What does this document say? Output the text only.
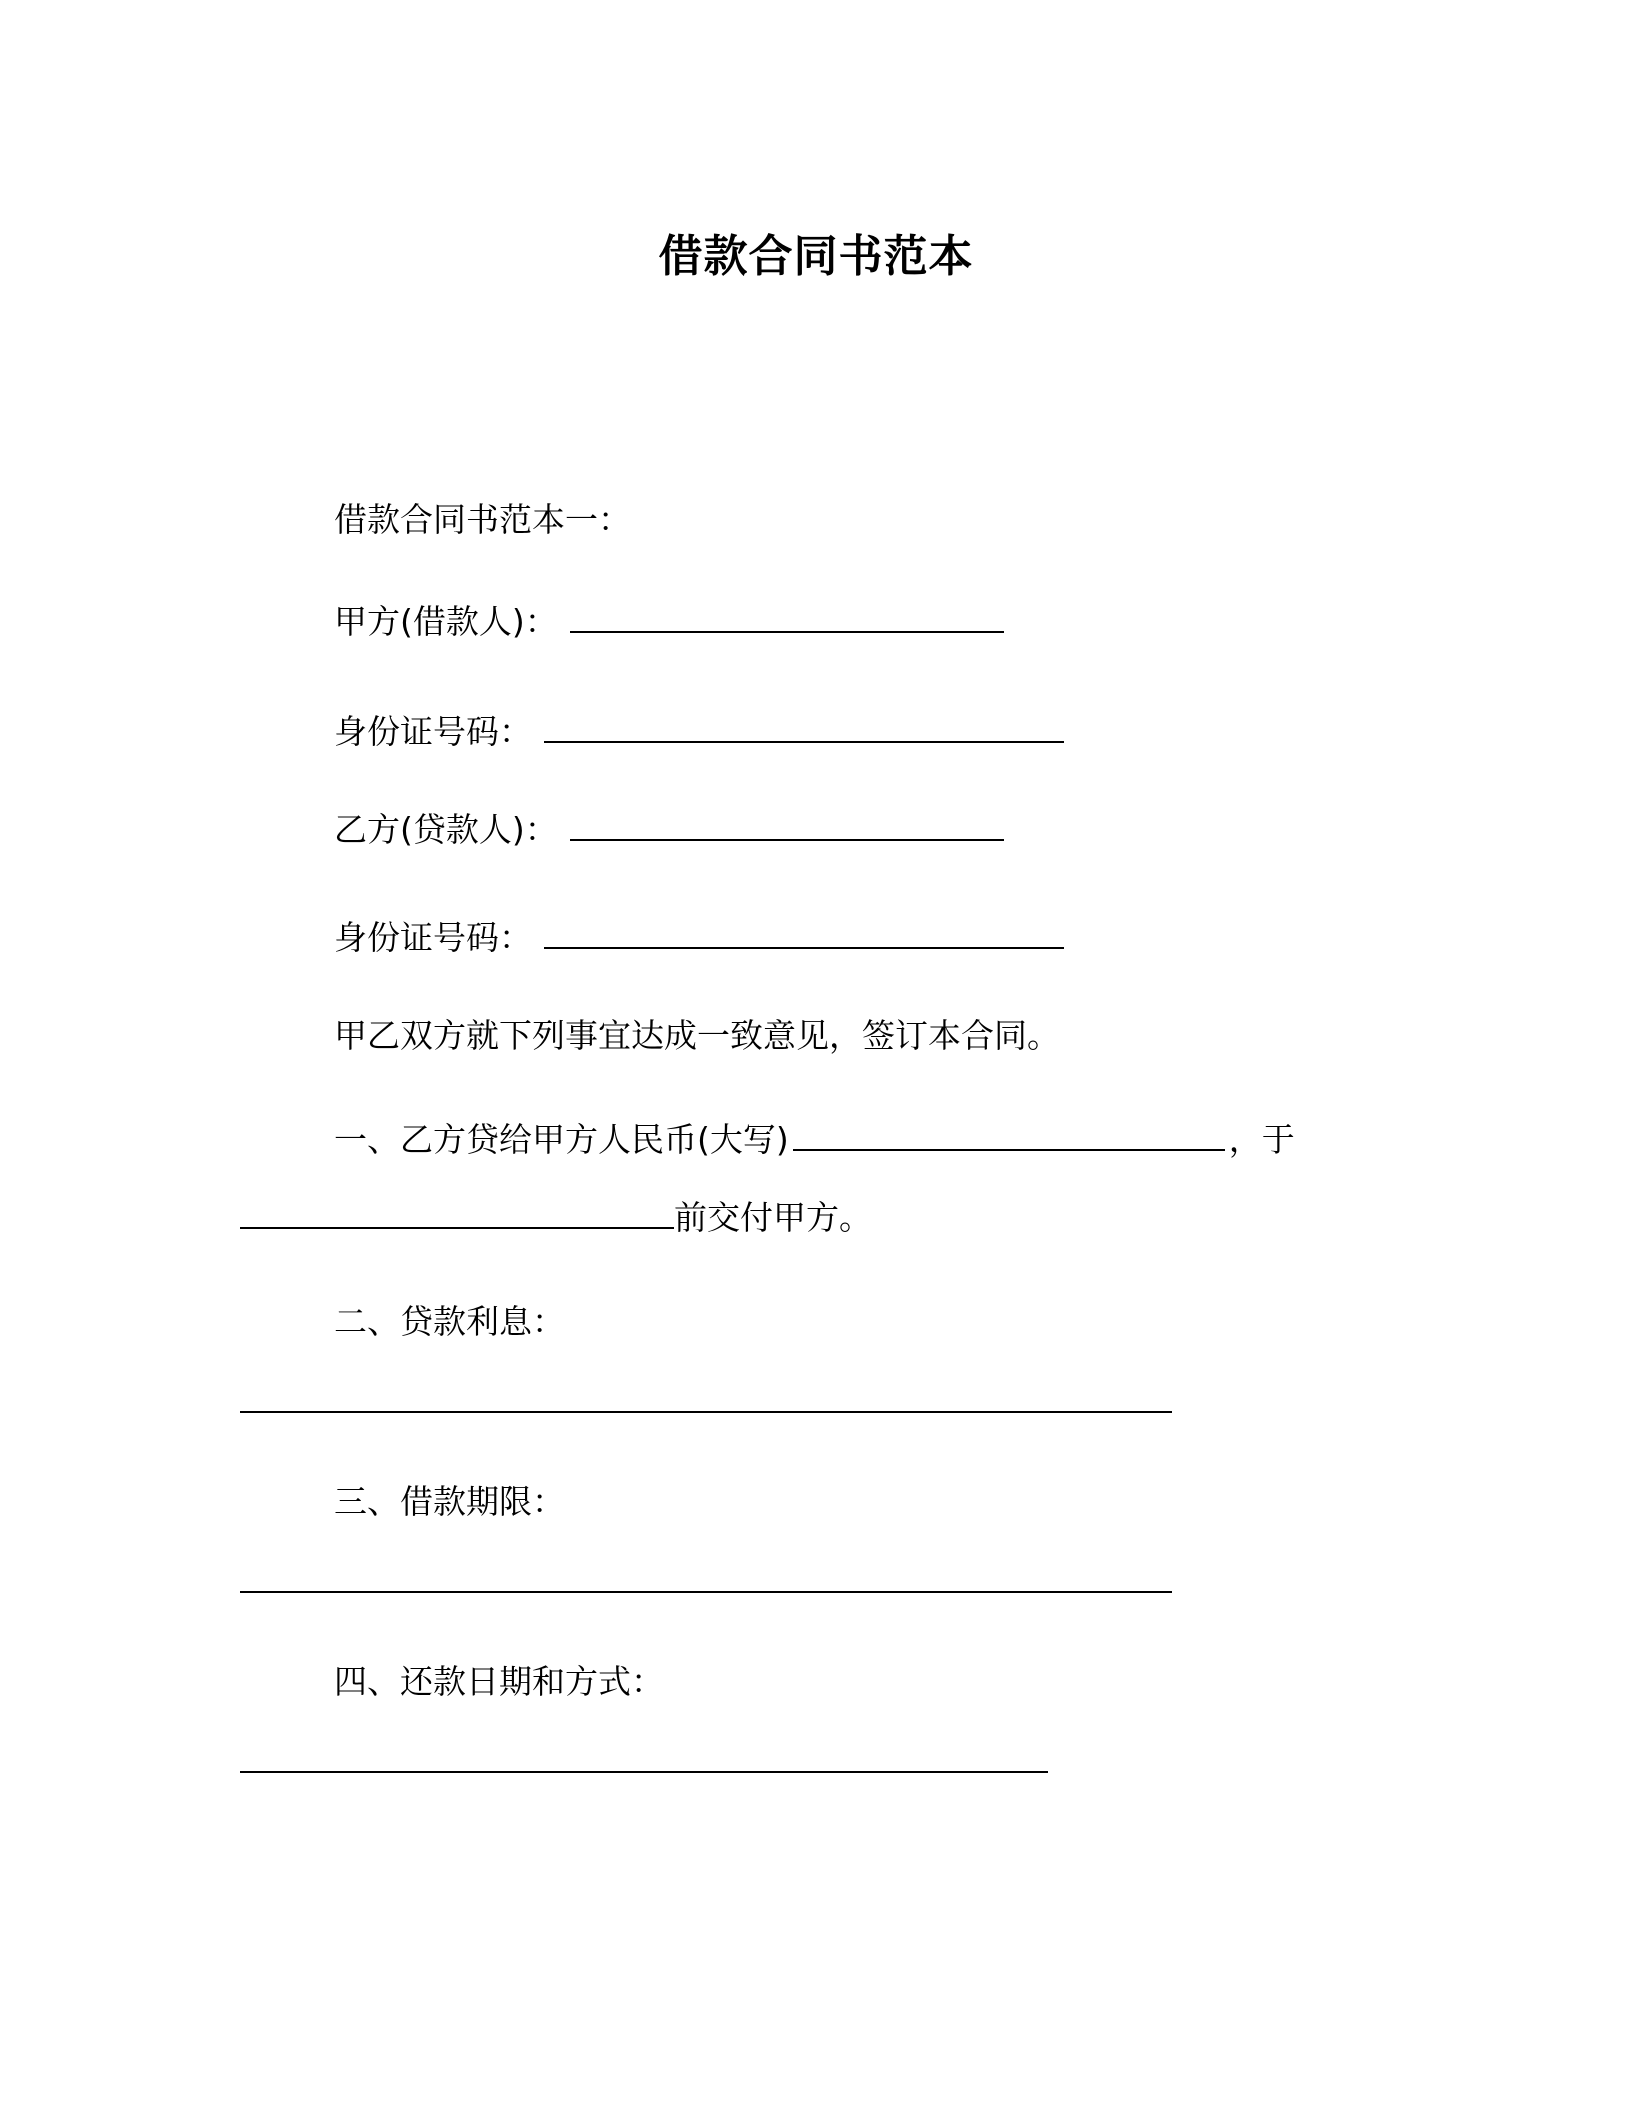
借款合同书范本
借款合同书范本一：
甲方(借款人)：
身份证号码：
乙方(贷款人)：
身份证号码：
甲乙双方就下列事宜达成一致意见，签订本合同。
一、乙方贷给甲方人民币(大写)	，于
前交付甲方。
二、贷款利息：
三、借款期限：
四、还款日期和方式：
